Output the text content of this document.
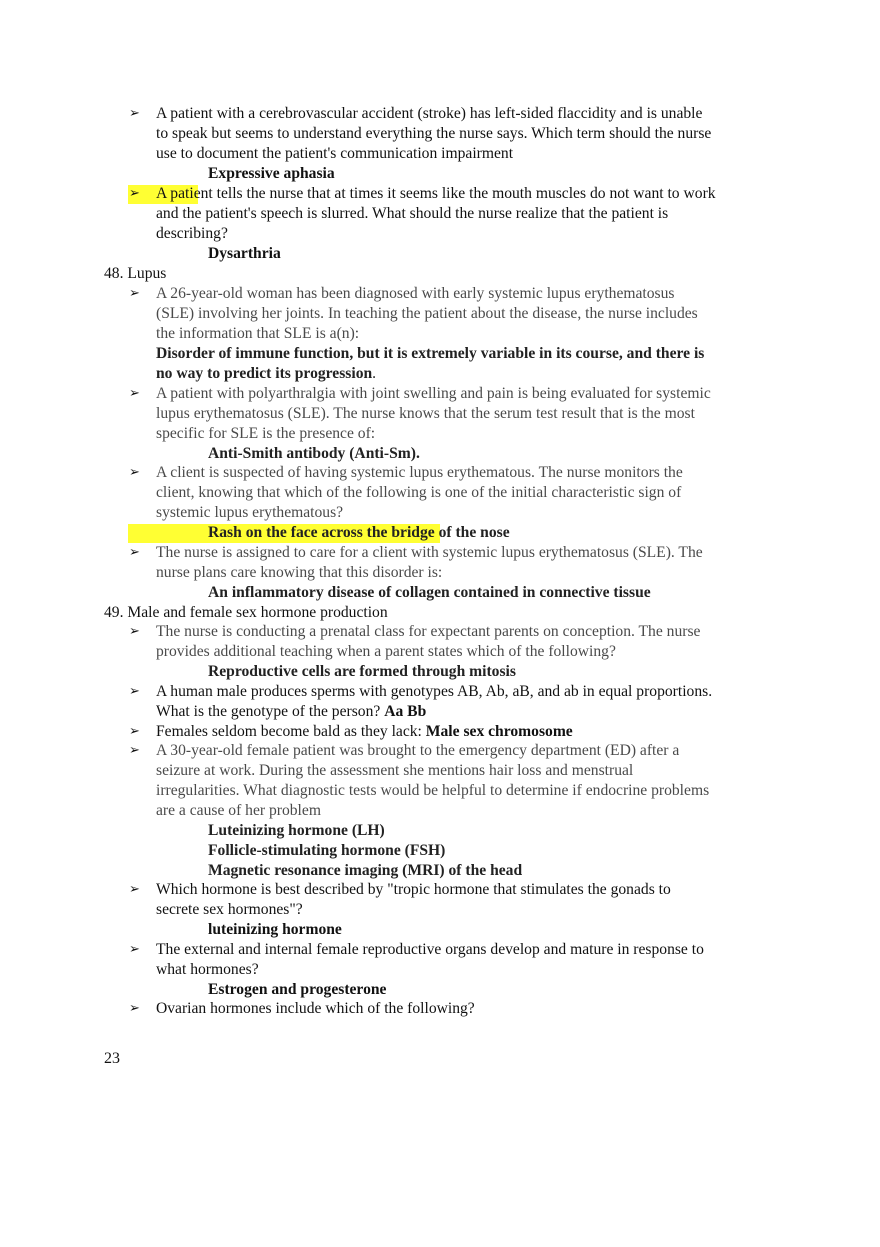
➢ A patient with a cerebrovascular accident (stroke) has left-sided flaccidity and is unable
to speak but seems to understand everything the nurse says. Which term should the nurse
use to document the patient's communication impairment
Expressive aphasia
➢ A patient tells the nurse that at times it seems like the mouth muscles do not want to work
and the patient's speech is slurred. What should the nurse realize that the patient is
describing?
Dysarthria
48. Lupus
➢ A 26-year-old woman has been diagnosed with early systemic lupus erythematosus
(SLE) involving her joints. In teaching the patient about the disease, the nurse includes
the information that SLE is a(n):
Disorder of immune function, but it is extremely variable in its course, and there is
no way to predict its progression.
➢ A patient with polyarthralgia with joint swelling and pain is being evaluated for systemic
lupus erythematosus (SLE). The nurse knows that the serum test result that is the most
specific for SLE is the presence of:
Anti-Smith antibody (Anti-Sm).
➢ A client is suspected of having systemic lupus erythematous. The nurse monitors the
client, knowing that which of the following is one of the initial characteristic sign of
systemic lupus erythematous?
Rash on the face across the bridge of the nose
➢ The nurse is assigned to care for a client with systemic lupus erythematosus (SLE). The
nurse plans care knowing that this disorder is:
An inflammatory disease of collagen contained in connective tissue
49. Male and female sex hormone production
➢ The nurse is conducting a prenatal class for expectant parents on conception. The nurse
provides additional teaching when a parent states which of the following?
Reproductive cells are formed through mitosis
➢ A human male produces sperms with genotypes AB, Ab, aB, and ab in equal proportions.
What is the genotype of the person? Aa Bb
➢ Females seldom become bald as they lack: Male sex chromosome
➢ A 30-year-old female patient was brought to the emergency department (ED) after a
seizure at work. During the assessment she mentions hair loss and menstrual
irregularities. What diagnostic tests would be helpful to determine if endocrine problems
are a cause of her problem
Luteinizing hormone (LH)
Follicle-stimulating hormone (FSH)
Magnetic resonance imaging (MRI) of the head
➢ Which hormone is best described by "tropic hormone that stimulates the gonads to
secrete sex hormones"?
luteinizing hormone
➢ The external and internal female reproductive organs develop and mature in response to
what hormones?
Estrogen and progesterone
➢ Ovarian hormones include which of the following?
23
